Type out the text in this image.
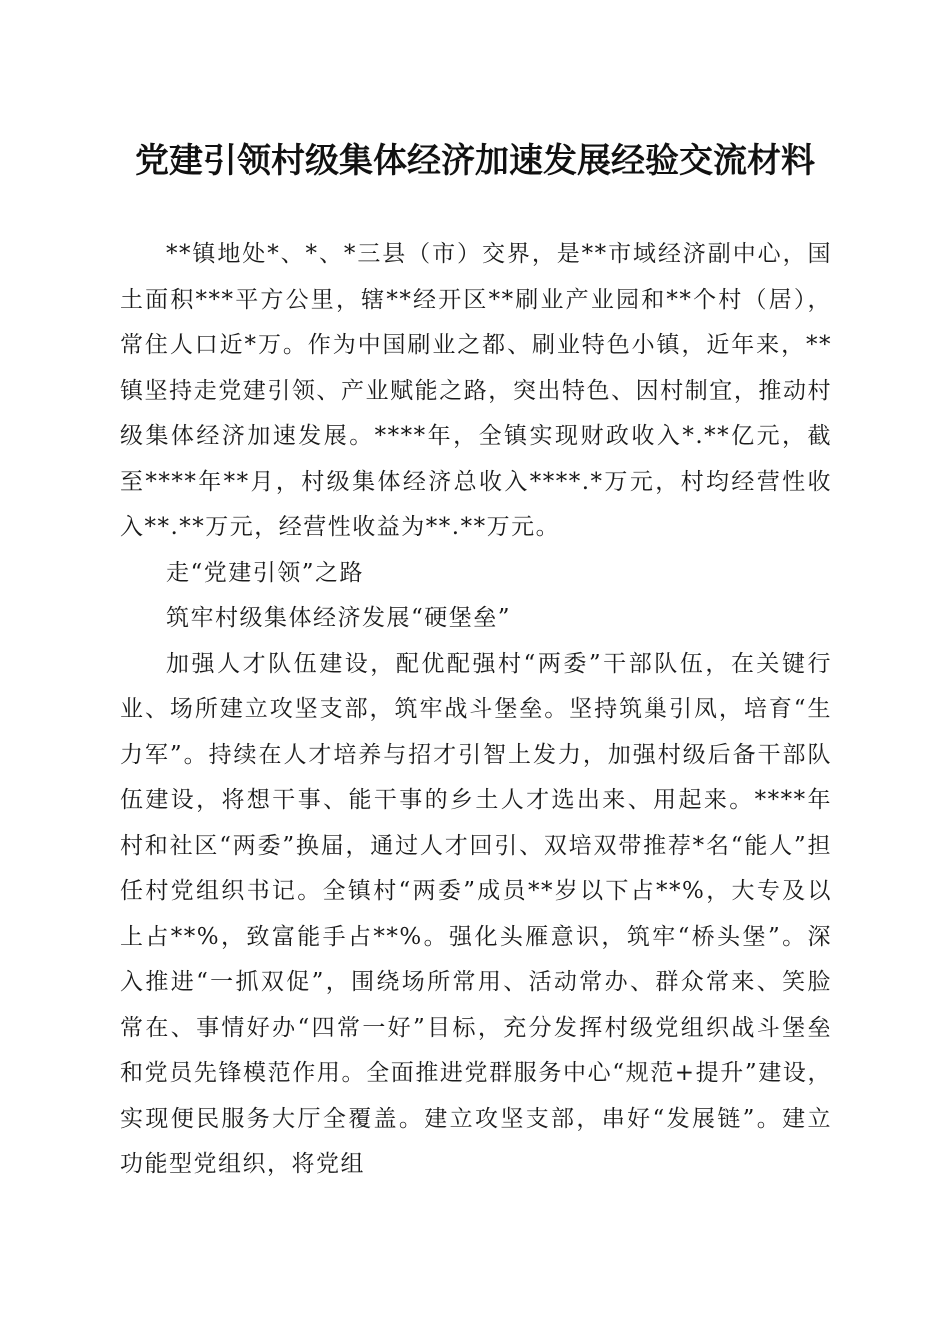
党建引领村级集体经济加速发展经验交流材料

**镇地处*、*、*三县（市）交界，是**市域经济副中心，国土面积***平方公里，辖**经开区**刷业产业园和**个村（居），常住人口近*万。作为中国刷业之都、刷业特色小镇，近年来，**镇坚持走党建引领、产业赋能之路，突出特色、因村制宜，推动村级集体经济加速发展。****年，全镇实现财政收入*.**亿元，截至****年**月，村级集体经济总收入****.*万元，村均经营性收入**.**万元，经营性收益为**.**万元。

走“党建引领”之路

筑牢村级集体经济发展“硬堡垒”

加强人才队伍建设，配优配强村“两委”干部队伍，在关键行业、场所建立攻坚支部，筑牢战斗堡垒。坚持筑巢引凤，培育“生力军”。持续在人才培养与招才引智上发力，加强村级后备干部队伍建设，将想干事、能干事的乡土人才选出来、用起来。****年村和社区“两委”换届，通过人才回引、双培双带推荐*名“能人”担任村党组织书记。全镇村“两委”成员**岁以下占**%，大专及以上占**%，致富能手占**%。强化头雁意识，筑牢“桥头堡”。深入推进“一抓双促”，围绕场所常用、活动常办、群众常来、笑脸常在、事情好办“四常一好”目标，充分发挥村级党组织战斗堡垒和党员先锋模范作用。全面推进党群服务中心“规范+提升”建设，实现便民服务大厅全覆盖。建立攻坚支部，串好“发展链”。建立功能型党组织，将党组
